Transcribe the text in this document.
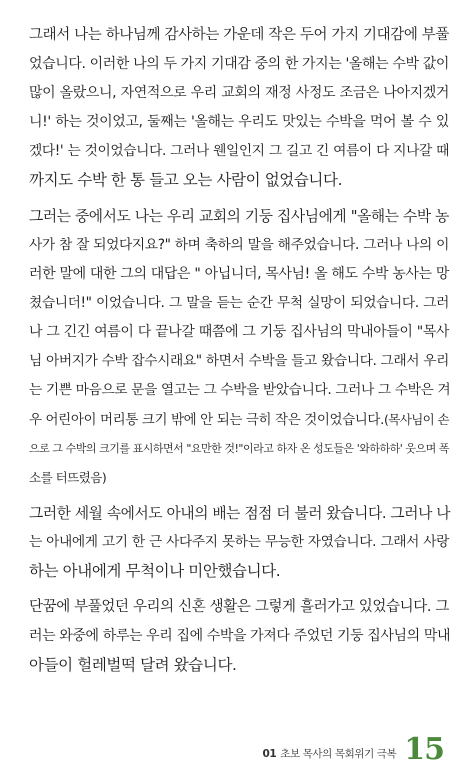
그래서 나는 하나님께 감사하는 가운데 작은 두어 가지 기대감에 부풀
었습니다. 이러한 나의 두 가지 기대감 중의 한 가지는 '올해는 수박 값이
많이 올랐으니, 자연적으로 우리 교회의 재정 사정도 조금은 나아지겠거
니!' 하는 것이었고, 둘째는 '올해는 우리도 맛있는 수박을 먹어 볼 수 있
겠다!' 는 것이었습니다. 그러나 웬일인지 그 길고 긴 여름이 다 지나갈 때
까지도 수박 한 통 들고 오는 사람이 없었습니다.
그러는 중에서도 나는 우리 교회의 기둥 집사님에게 "올해는 수박 농
사가 참 잘 되었다지요?" 하며 축하의 말을 해주었습니다. 그러나 나의 이
러한 말에 대한 그의 대답은 " 아닙니더, 목사님! 올 해도 수박 농사는 망
쳤습니더!" 이었습니다. 그 말을 듣는 순간 무척 실망이 되었습니다. 그러
나 그 긴긴 여름이 다 끝나갈 때쯤에 그 기둥 집사님의 막내아들이 "목사
님 아버지가 수박 잡수시래요" 하면서 수박을 들고 왔습니다. 그래서 우리
는 기쁜 마음으로 문을 열고는 그 수박을 받았습니다. 그러나 그 수박은 겨
우 어린아이 머리통 크기 밖에 안 되는 극히 작은 것이었습니다.(목사님이 손
으로 그 수박의 크기를 표시하면서 "요만한 것!"이라고 하자 온 성도들은 '와하하하' 웃으며 폭
소를 터뜨렸음)
그러한 세월 속에서도 아내의 배는 점점 더 불러 왔습니다. 그러나 나
는 아내에게 고기 한 근 사다주지 못하는 무능한 자였습니다. 그래서 사랑
하는 아내에게 무척이나 미안했습니다.
단꿈에 부풀었던 우리의 신혼 생활은 그렇게 흘러가고 있었습니다. 그
러는 와중에 하루는 우리 집에 수박을 가져다 주었던 기둥 집사님의 막내
아들이 헐레벌떡 달려 왔습니다.
01 초보 목사의 목회위기 극복 15
